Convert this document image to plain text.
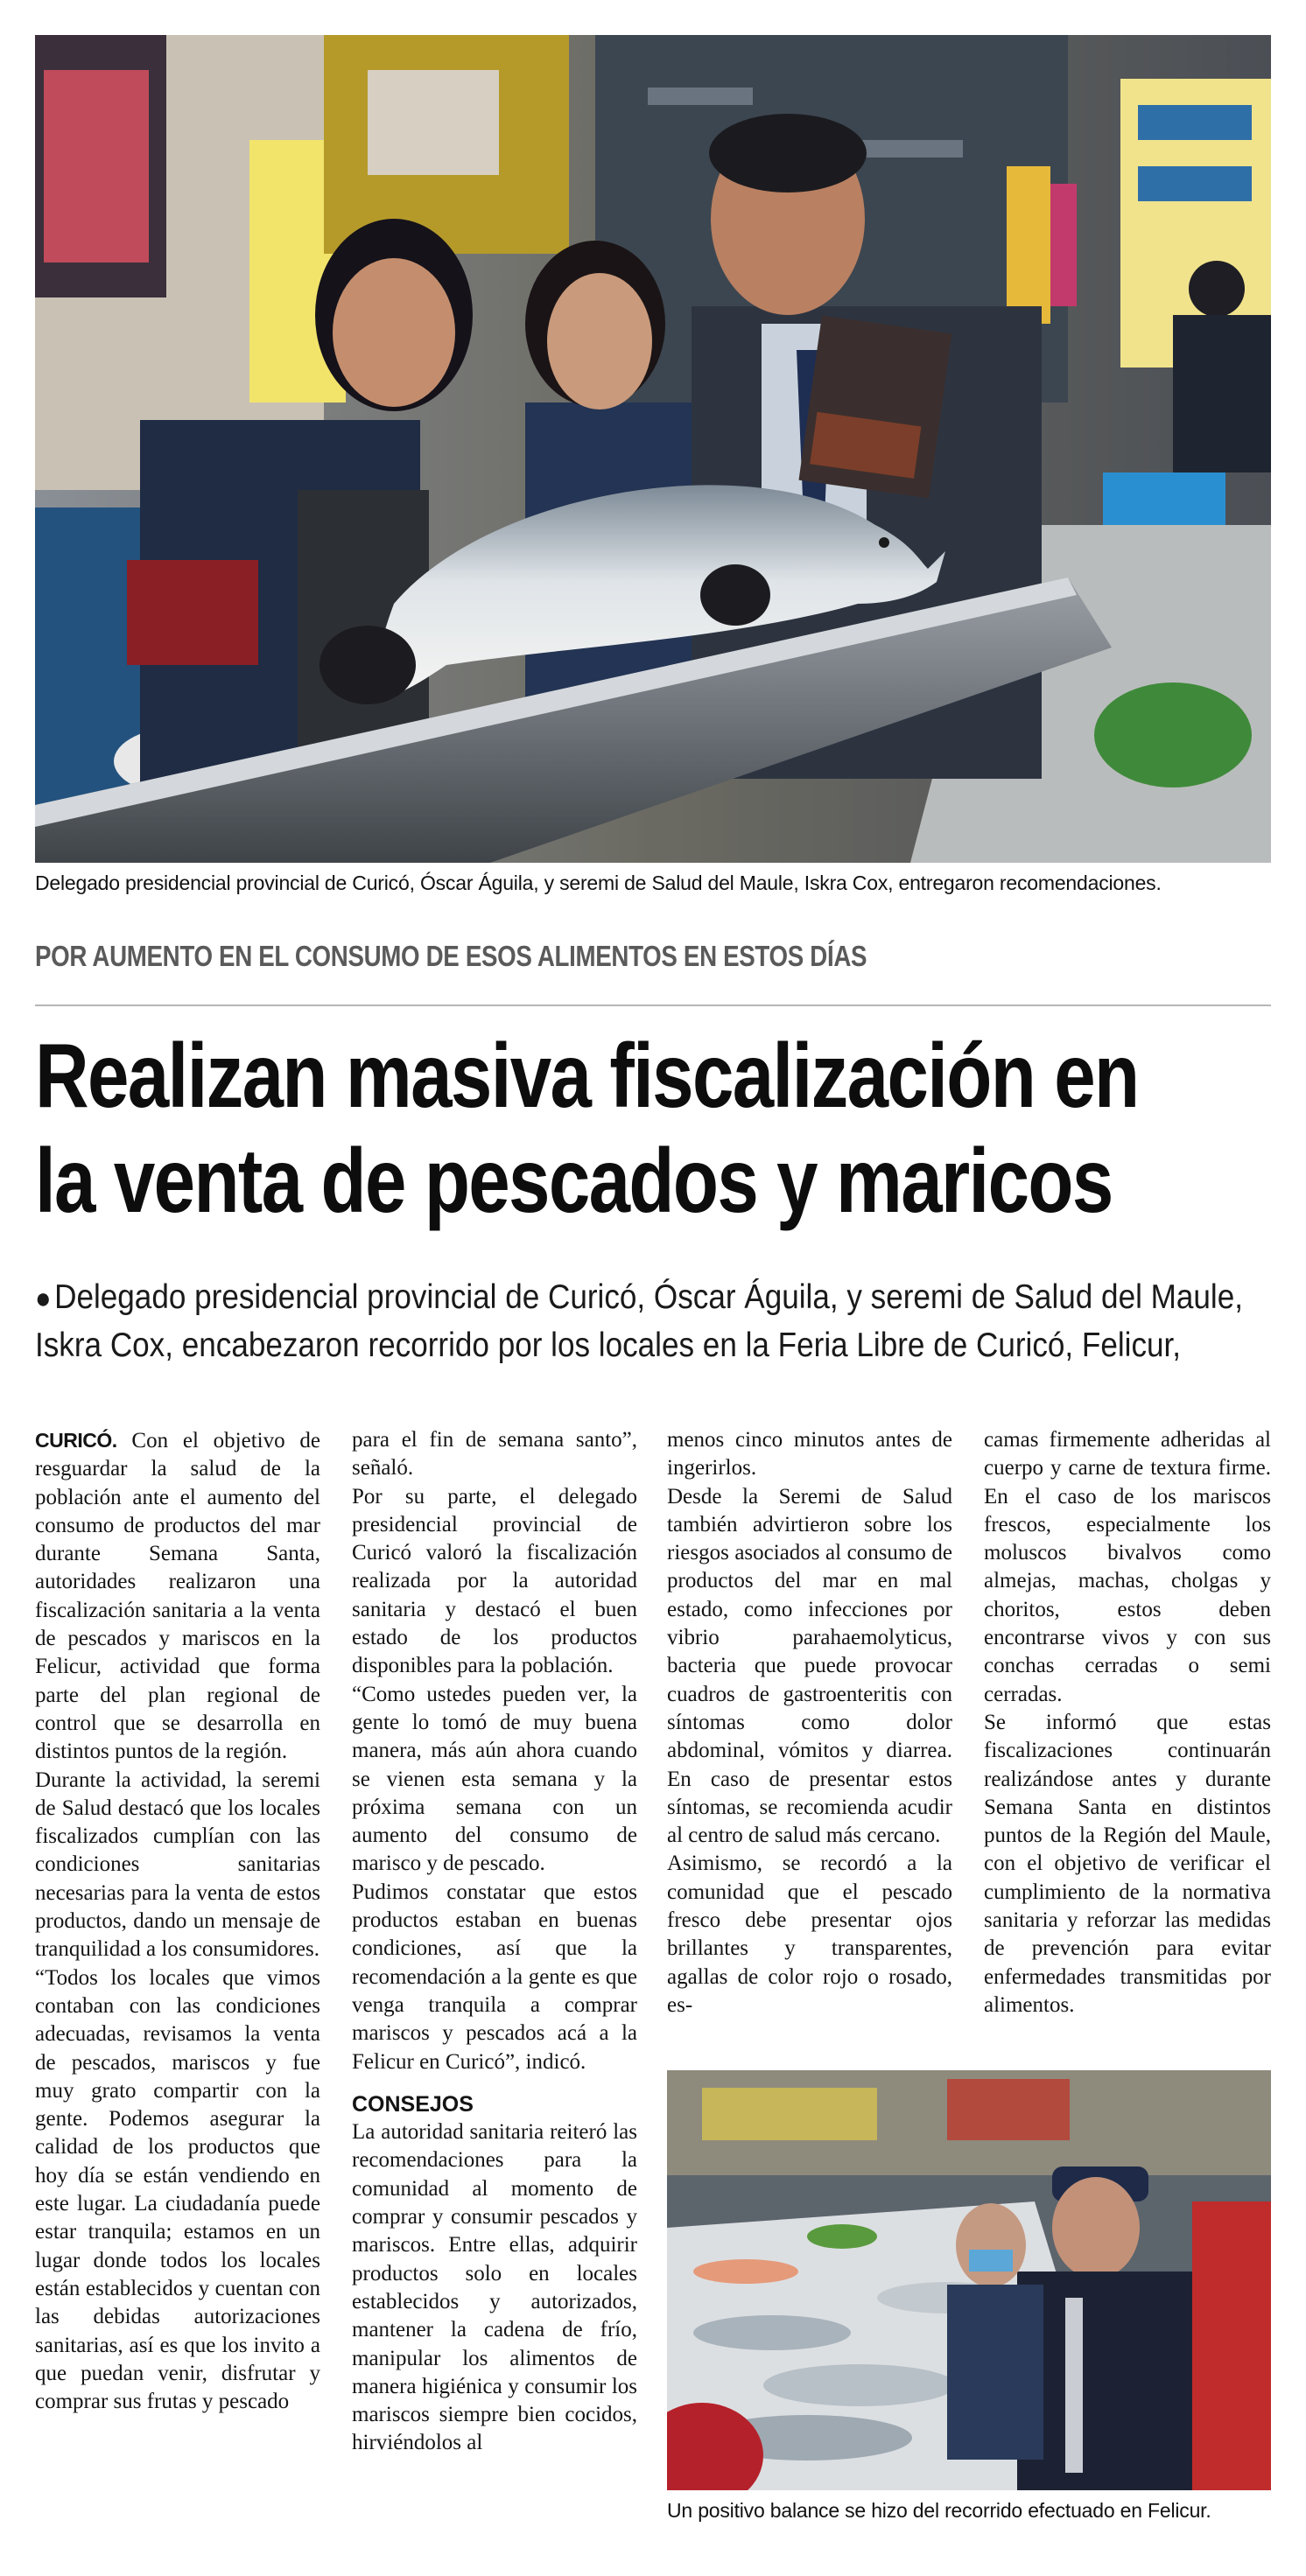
Delegado presidencial provincial de Curicó, Óscar Águila, y seremi de Salud del Maule, Iskra Cox, entregaron recomendaciones.
POR AUMENTO EN EL CONSUMO DE ESOS ALIMENTOS EN ESTOS DÍAS
Realizan masiva fiscalización en
la venta de pescados y maricos
●Delegado presidencial provincial de Curicó, Óscar Águila, y seremi de Salud del Maule,
Iskra Cox, encabezaron recorrido por los locales en la Feria Libre de Curicó, Felicur,

CURICÓ. Con el objetivo de resguardar la salud de la población ante el aumento del consumo de productos del mar durante Semana Santa, autoridades realizaron una fiscalización sanitaria a la venta de pescados y mariscos en la Felicur, actividad que forma parte del plan regional de control que se desarrolla en distintos puntos de la región.

Durante la actividad, la seremi de Salud destacó que los locales fiscalizados cumplían con las condiciones sanitarias necesarias para la venta de estos productos, dando un mensaje de tranquilidad a los consumidores.

“Todos los locales que vimos contaban con las condiciones adecuadas, revisamos la venta de pescados, mariscos y fue muy grato compartir con la gente. Podemos asegurar la calidad de los productos que hoy día se están vendiendo en este lugar. La ciudadanía puede estar tranquila; estamos en un lugar donde todos los locales están establecidos y cuentan con las debidas autorizaciones sanitarias, así es que los invito a que puedan venir, disfrutar y comprar sus frutas y pescado

para el fin de semana santo”, señaló.

Por su parte, el delegado presidencial provincial de Curicó valoró la fiscalización realizada por la autoridad sanitaria y destacó el buen estado de los productos disponibles para la población.

“Como ustedes pueden ver, la gente lo tomó de muy buena manera, más aún ahora cuando se vienen esta semana y la próxima semana con un aumento del consumo de marisco y de pescado.

Pudimos constatar que estos productos estaban en buenas condiciones, así que la recomendación a la gente es que venga tranquila a comprar mariscos y pescados acá a la Felicur en Curicó”, indicó.

CONSEJOS

La autoridad sanitaria reiteró las recomendaciones para la comunidad al momento de comprar y consumir pescados y mariscos. Entre ellas, adquirir productos solo en locales establecidos y autorizados, mantener la cadena de frío, manipular los alimentos de manera higiénica y consumir los mariscos siempre bien cocidos, hirviéndolos al

menos cinco minutos antes de ingerirlos.

Desde la Seremi de Salud también advirtieron sobre los riesgos asociados al consumo de productos del mar en mal estado, como infecciones por vibrio parahaemolyticus, bacteria que puede provocar cuadros de gastroenteritis con síntomas como dolor abdominal, vómitos y diarrea. En caso de presentar estos síntomas, se recomienda acudir al centro de salud más cercano.

Asimismo, se recordó a la comunidad que el pescado fresco debe presentar ojos brillantes y transparentes, agallas de color rojo o rosado, es-

camas firmemente adheridas al cuerpo y carne de textura firme. En el caso de los mariscos frescos, especialmente los moluscos bivalvos como almejas, machas, cholgas y choritos, estos deben encontrarse vivos y con sus conchas cerradas o semi cerradas.

Se informó que estas fiscalizaciones continuarán realizándose antes y durante Semana Santa en distintos puntos de la Región del Maule, con el objetivo de verificar el cumplimiento de la normativa sanitaria y reforzar las medidas de prevención para evitar enfermedades transmitidas por alimentos.

Un positivo balance se hizo del recorrido efectuado en Felicur.
